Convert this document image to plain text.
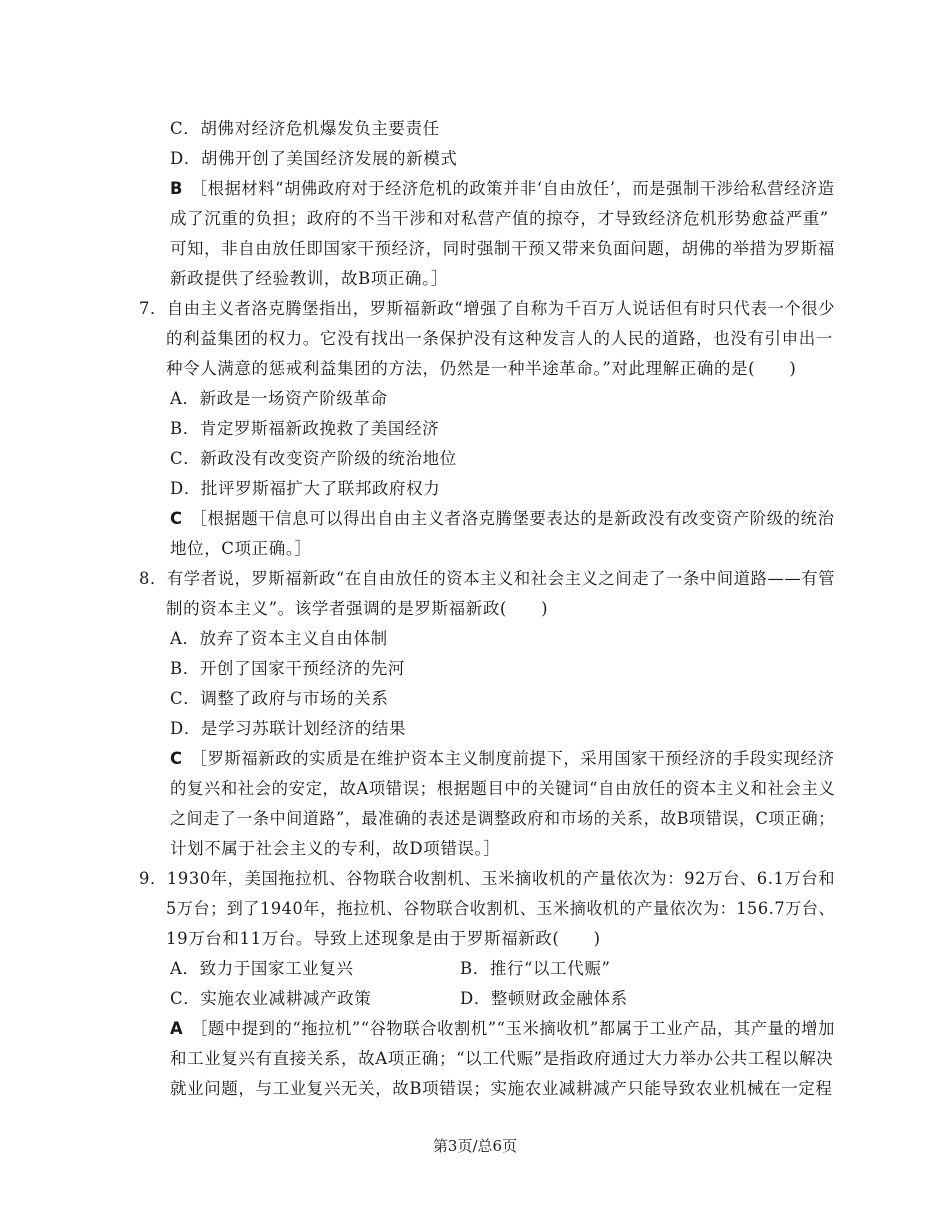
C．胡佛对经济危机爆发负主要责任
D．胡佛开创了美国经济发展的新模式
B ［根据材料“胡佛政府对于经济危机的政策并非‘自由放任’，而是强制干涉给私营经济造
成了沉重的负担；政府的不当干涉和对私营产值的掠夺，才导致经济危机形势愈益严重”
可知，非自由放任即国家干预经济，同时强制干预又带来负面问题，胡佛的举措为罗斯福
新政提供了经验教训，故B项正确。］
7．自由主义者洛克腾堡指出，罗斯福新政“增强了自称为千百万人说话但有时只代表一个很少
的利益集团的权力。它没有找出一条保护没有这种发言人的人民的道路，也没有引申出一
种令人满意的惩戒利益集团的方法，仍然是一种半途革命。”对此理解正确的是(　　)
A．新政是一场资产阶级革命
B．肯定罗斯福新政挽救了美国经济
C．新政没有改变资产阶级的统治地位
D．批评罗斯福扩大了联邦政府权力
C ［根据题干信息可以得出自由主义者洛克腾堡要表达的是新政没有改变资产阶级的统治
地位，C项正确。］
8．有学者说，罗斯福新政“在自由放任的资本主义和社会主义之间走了一条中间道路——有管
制的资本主义”。该学者强调的是罗斯福新政(　　)
A．放弃了资本主义自由体制
B．开创了国家干预经济的先河
C．调整了政府与市场的关系
D．是学习苏联计划经济的结果
C ［罗斯福新政的实质是在维护资本主义制度前提下，采用国家干预经济的手段实现经济
的复兴和社会的安定，故A项错误；根据题目中的关键词“自由放任的资本主义和社会主义
之间走了一条中间道路”，最准确的表述是调整政府和市场的关系，故B项错误，C项正确；
计划不属于社会主义的专利，故D项错误。］
9．1930年，美国拖拉机、谷物联合收割机、玉米摘收机的产量依次为：92万台、6.1万台和
5万台；到了1940年，拖拉机、谷物联合收割机、玉米摘收机的产量依次为：156.7万台、
19万台和11万台。导致上述现象是由于罗斯福新政(　　)
A．致力于国家工业复兴	B．推行“以工代赈”
C．实施农业减耕减产政策	D．整顿财政金融体系
A ［题中提到的“拖拉机”“谷物联合收割机”“玉米摘收机”都属于工业产品，其产量的增加
和工业复兴有直接关系，故A项正确；“以工代赈”是指政府通过大力举办公共工程以解决
就业问题，与工业复兴无关，故B项错误；实施农业减耕减产只能导致农业机械在一定程
第3页/总6页
